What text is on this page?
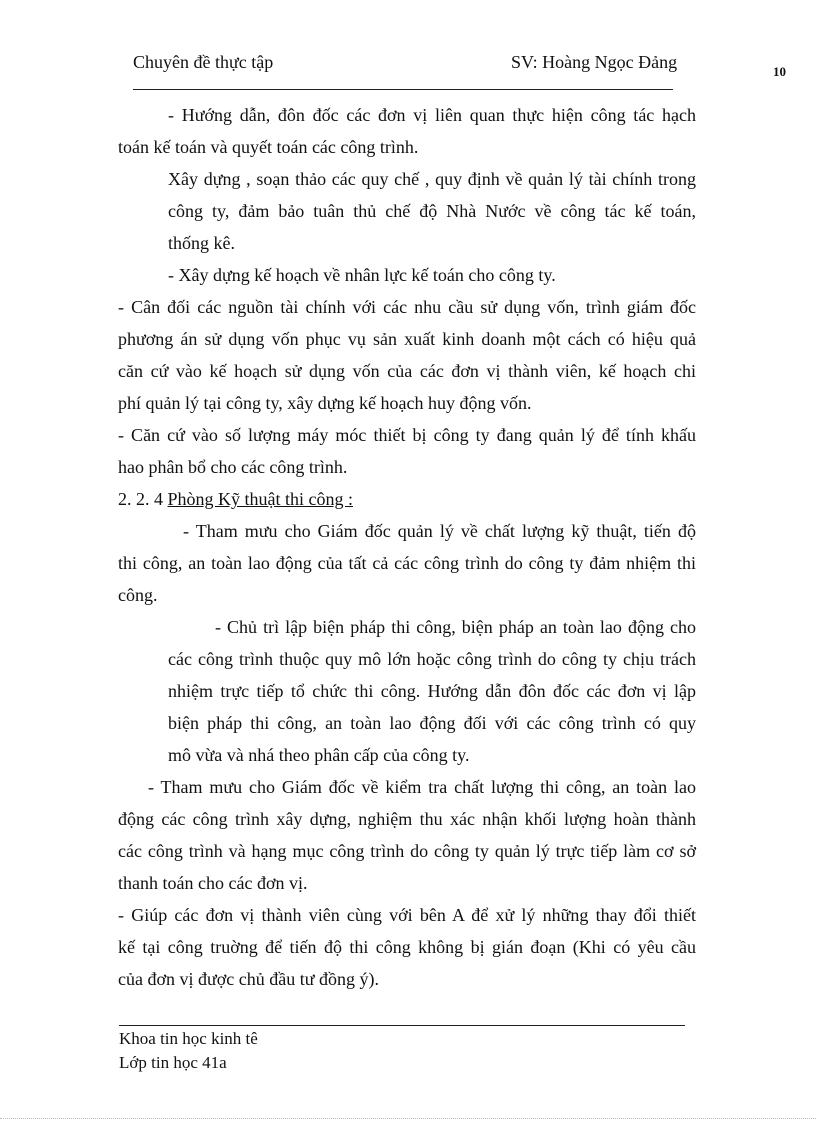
Chuyên đề thực tập	SV: Hoàng Ngọc Đảng	10
- Hướng dẫn, đôn đốc các đơn vị liên quan thực hiện công tác hạch
toán kế toán và quyết toán các công trình.
Xây dựng , soạn thảo các quy chế , quy định về quản lý tài chính trong
công ty, đảm bảo tuân thủ chế độ Nhà Nước về công tác kế toán,
thống kê.
- Xây dựng kế hoạch về nhân lực kế toán cho công ty.
- Cân đối các nguồn tài chính với các nhu cầu sử dụng vốn, trình giám đốc
phương án sử dụng vốn phục vụ sản xuất kinh doanh một cách có hiệu quả
căn cứ vào kế hoạch sử dụng vốn của các đơn vị thành viên, kế hoạch chi
phí quản lý tại công ty, xây dựng kế hoạch huy động vốn.
- Căn cứ vào số lượng máy móc thiết bị công ty đang quản lý để tính khấu
hao phân bổ cho các công trình.
2. 2. 4 Phòng Kỹ thuật thi công :
- Tham mưu cho Giám đốc quản lý về chất lượng kỹ thuật, tiến độ
thi công, an toàn lao động của tất cả các công trình do công ty đảm nhiệm thi
công.
- Chủ trì lập biện pháp thi công, biện pháp an toàn lao động cho
các công trình thuộc quy mô lớn hoặc công trình do công ty chịu trách
nhiệm trực tiếp tổ chức thi công. Hướng dẫn đôn đốc các đơn vị lập
biện pháp thi công, an toàn lao động đối với các công trình có quy
mô vừa và nhá theo phân cấp của công ty.
- Tham mưu cho Giám đốc về kiểm tra chất lượng thi công, an toàn lao
động các công trình xây dựng, nghiệm thu xác nhận khối lượng hoàn thành
các công trình và hạng mục công trình do công ty quản lý trực tiếp làm cơ sở
thanh toán cho các đơn vị.
- Giúp các đơn vị thành viên cùng với bên A để xử lý những thay đổi thiết
kế tại công truờng để tiến độ thi công không bị gián đoạn (Khi có yêu cầu
của đơn vị được chủ đầu tư đồng ý).
Khoa tin học kinh tê
Lớp tin học 41a
